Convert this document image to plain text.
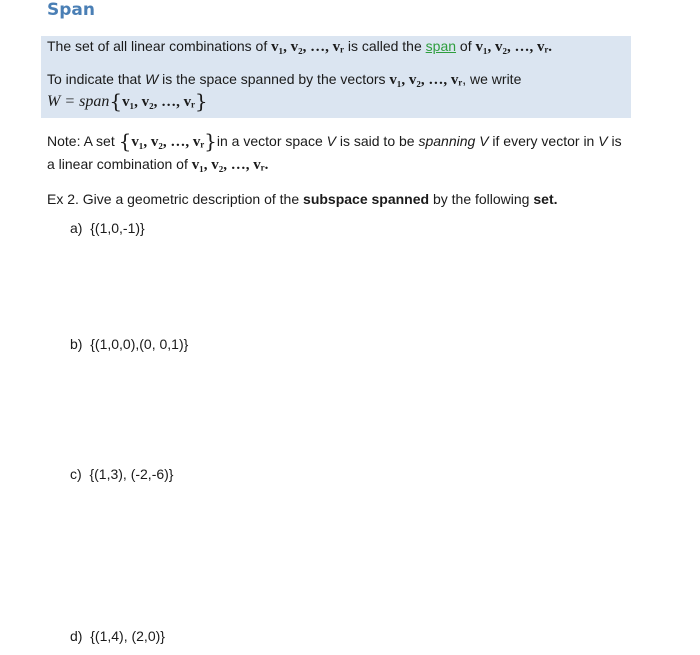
Span
The set of all linear combinations of v₁, v₂, …, vᵣ is called the span of v₁, v₂, …, vᵣ.
To indicate that W is the space spanned by the vectors v₁, v₂, …, vᵣ, we write
W = span{v₁, v₂, …, vᵣ}
Note: A set {v₁, v₂, …, vᵣ}in a vector space V is said to be spanning V if every vector in V is
a linear combination of v₁, v₂, …, vᵣ.
Ex 2. Give a geometric description of the subspace spanned by the following set.
a) {(1,0,-1)}
b) {(1,0,0),(0, 0,1)}
c) {(1,3), (-2,-6)}
d) {(1,4), (2,0)}
